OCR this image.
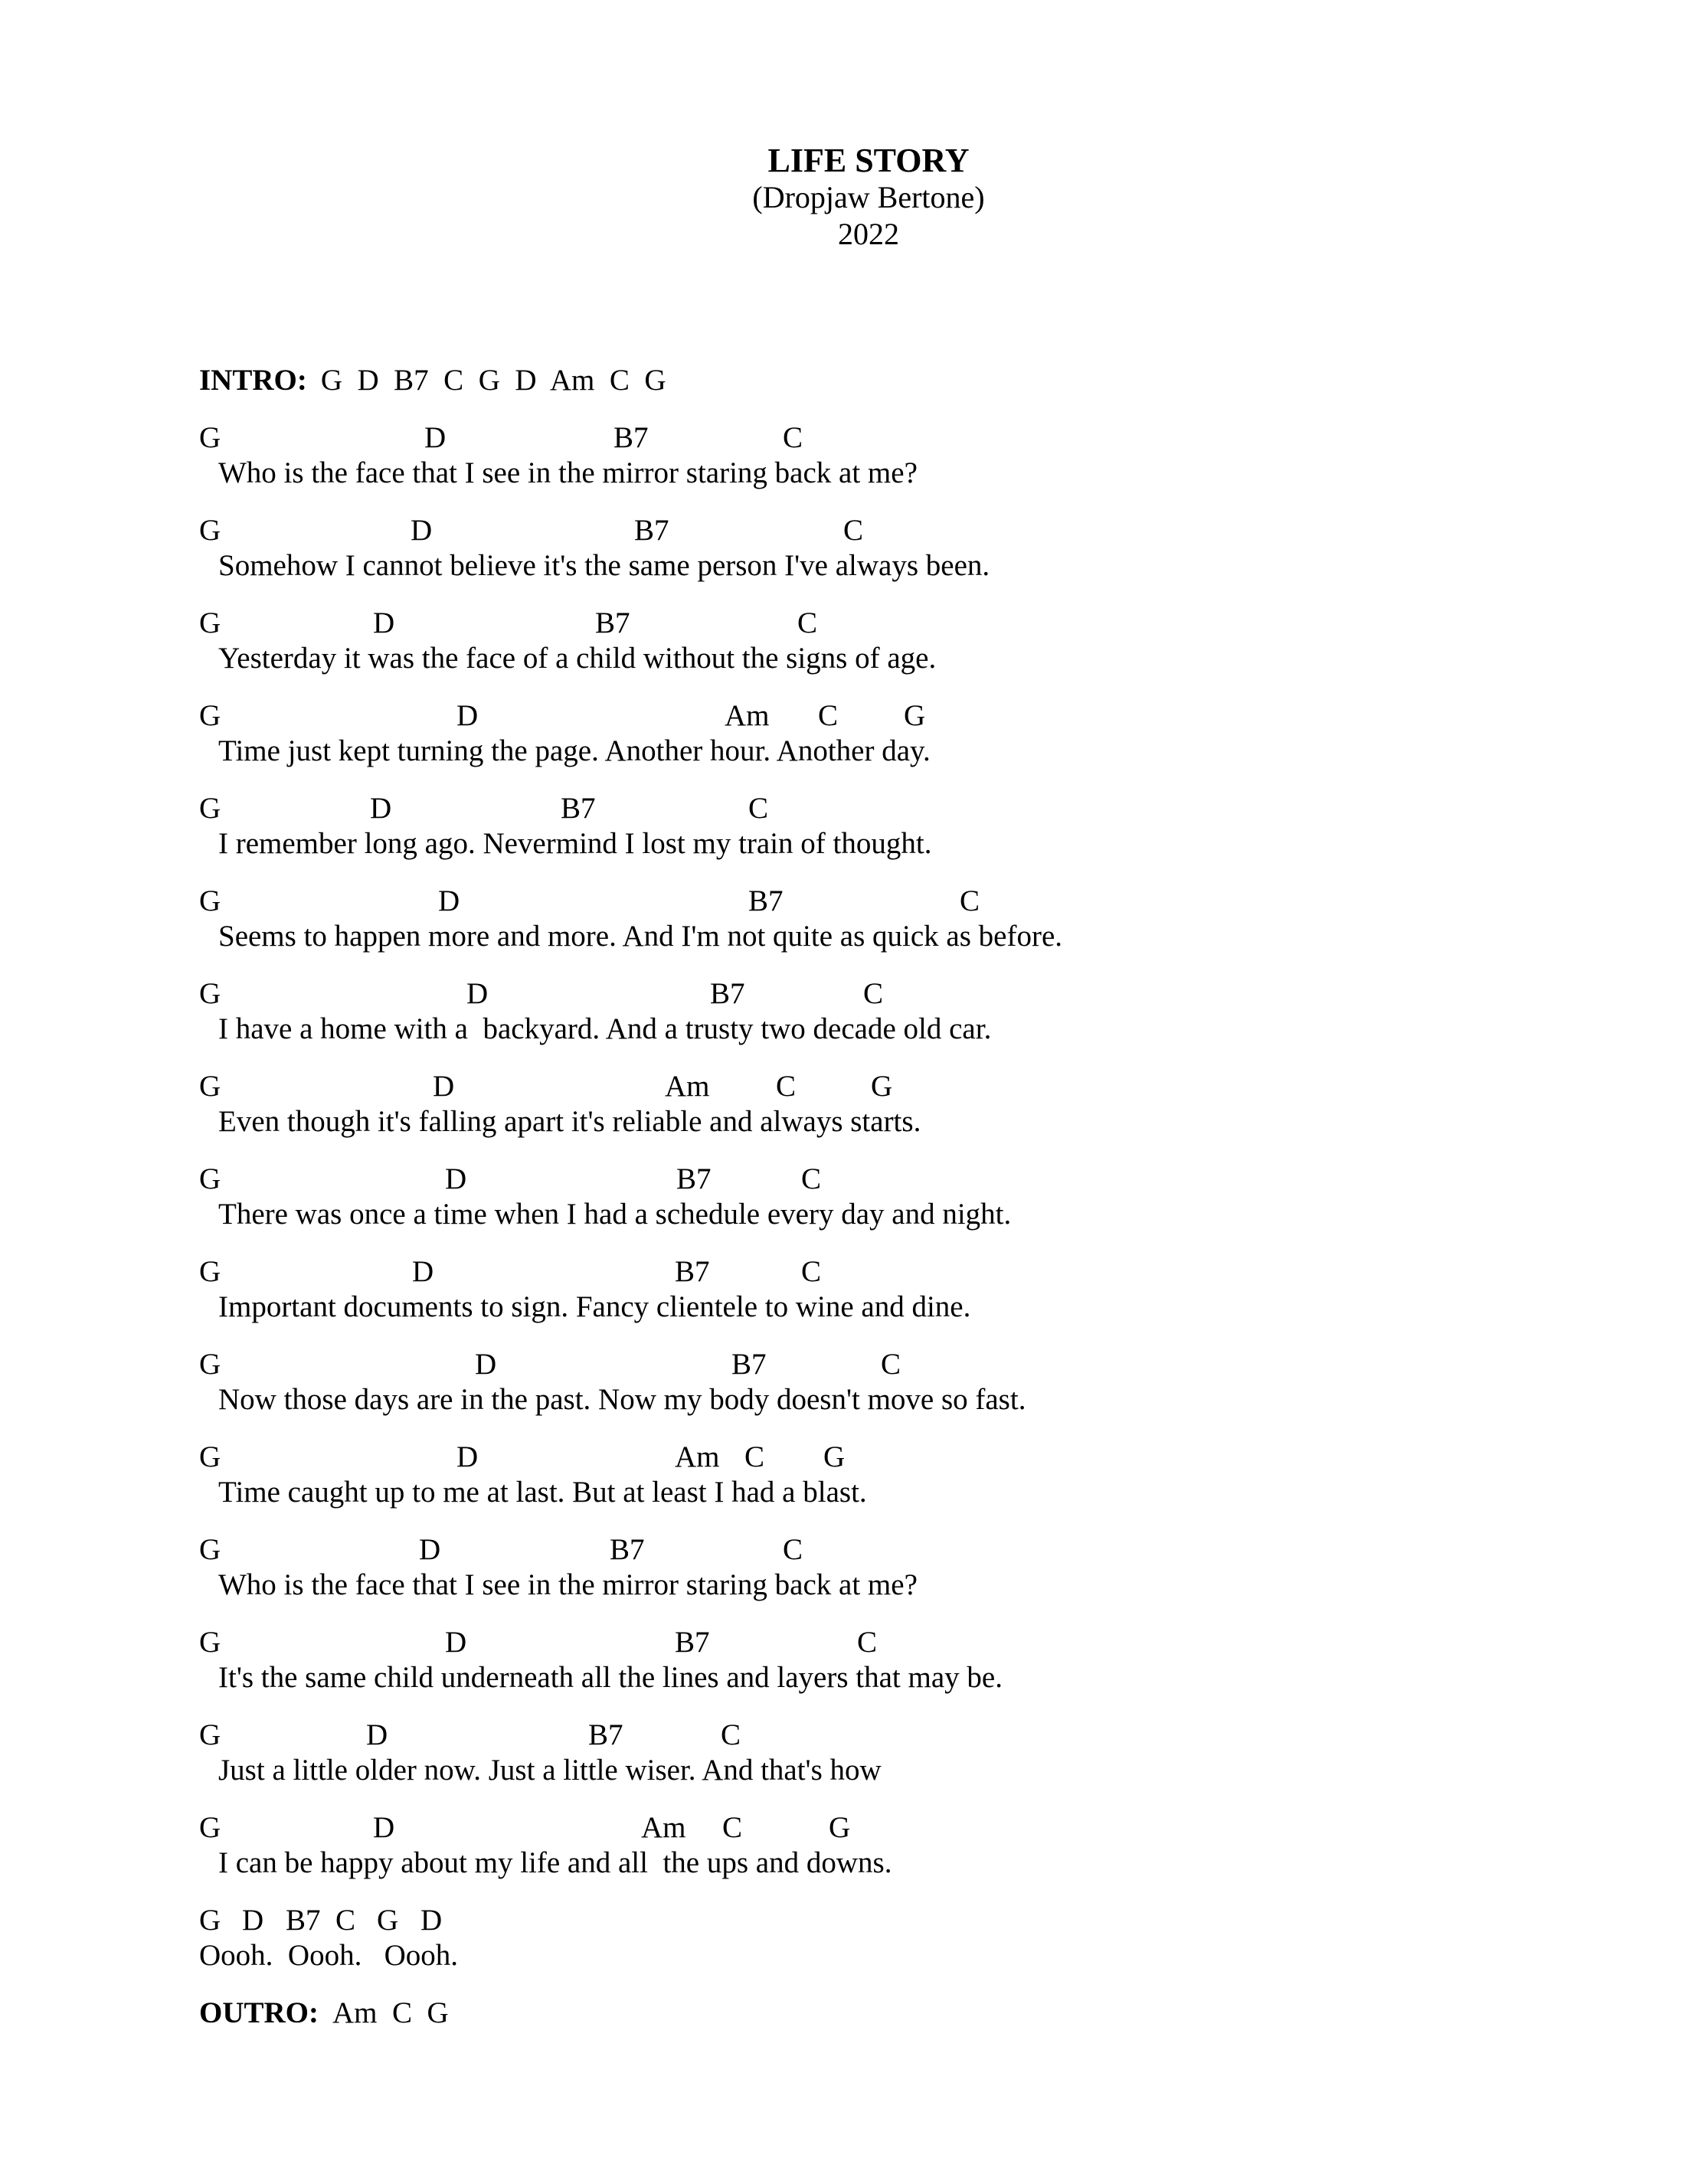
LIFE STORY
(Dropjaw Bertone)
2022
INTRO: G  D  B7  C  G  D  Am  C  G
G	D	B7	C
Who is the face that I see in the mirror staring back at me?
G	D	B7	C
Somehow I cannot believe it's the same person I've always been.
G	D	B7	C
Yesterday it was the face of a child without the signs of age.
G	D	Am C G
Time just kept turning the page. Another hour. Another day.
G	D	B7	C
I remember long ago. Nevermind I lost my train of thought.
G	D	B7	C
Seems to happen more and more. And I'm not quite as quick as before.
G	D	B7	C
I have a home with a  backyard. And a trusty two decade old car.
G	D	Am C	G
Even though it's falling apart it's reliable and always starts.
G	D	B7	C
There was once a time when I had a schedule every day and night.
G	D	B7	C
Important documents to sign. Fancy clientele to wine and dine.
G	D	B7	C
Now those days are in the past. Now my body doesn't move so fast.
G	D	Am C G
Time caught up to me at last. But at least I had a blast.
G	D	B7	C
Who is the face that I see in the mirror staring back at me?
G	D	B7	C
It's the same child underneath all the lines and layers that may be.
G	D	B7	C
Just a little older now. Just a little wiser. And that's how
G	D	Am C	G
I can be happy about my life and all  the ups and downs.
G D B7 C G D
Oooh.  Oooh.   Oooh.
OUTRO: Am  C  G
